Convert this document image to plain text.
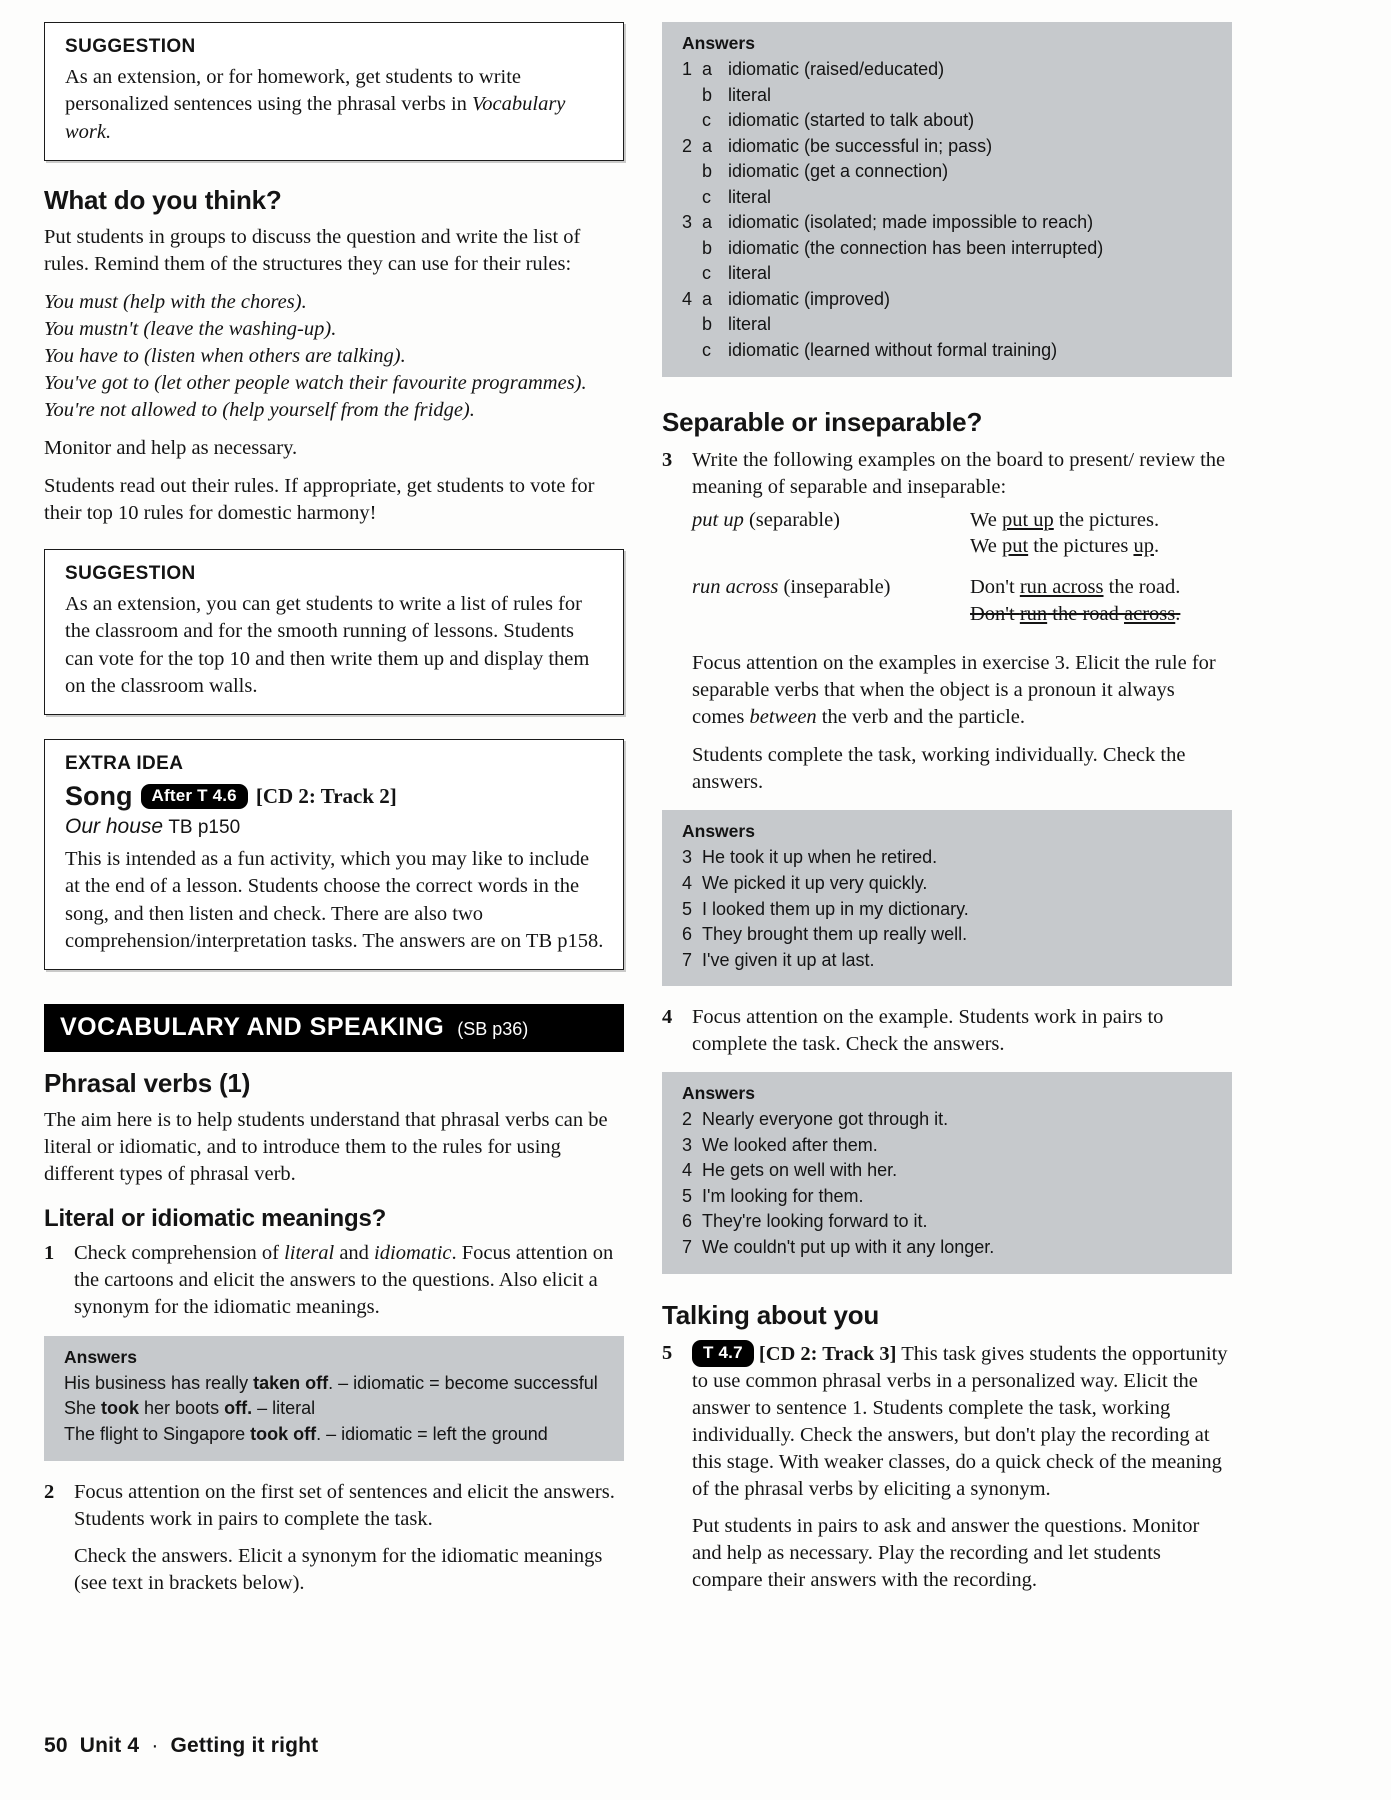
SUGGESTION

As an extension, or for homework, get students to write personalized sentences using the phrasal verbs in Vocabulary work.

What do you think?

Put students in groups to discuss the question and write the list of rules. Remind them of the structures they can use for their rules:

You must (help with the chores).
You mustn't (leave the washing-up).
You have to (listen when others are talking).
You've got to (let other people watch their favourite programmes).
You're not allowed to (help yourself from the fridge).

Monitor and help as necessary.

Students read out their rules. If appropriate, get students to vote for their top 10 rules for domestic harmony!

SUGGESTION

As an extension, you can get students to write a list of rules for the classroom and for the smooth running of lessons. Students can vote for the top 10 and then write them up and display them on the classroom walls.

EXTRA IDEA
Song	After T 4.6 [CD 2: Track 2]
Our house TB p150

This is intended as a fun activity, which you may like to include at the end of a lesson. Students choose the correct words in the song, and then listen and check. There are also two comprehension/interpretation tasks. The answers are on TB p158.

VOCABULARY AND SPEAKING (SB p36)
Phrasal verbs (1)

The aim here is to help students understand that phrasal verbs can be literal or idiomatic, and to introduce them to the rules for using different types of phrasal verb.

Literal or idiomatic meanings?
1 Check comprehension of literal and idiomatic. Focus attention on the cartoons and elicit the answers to the questions. Also elicit a synonym for the idiomatic meanings.

Answers

His business has really taken off. – idiomatic = become successful

She took her boots off. – literal

The flight to Singapore took off. – idiomatic = left the ground

2 Focus attention on the first set of sentences and elicit the answers. Students work in pairs to complete the task.

Check the answers. Elicit a synonym for the idiomatic meanings (see text in brackets below).

Answers
1 a idiomatic (raised/educated)
b literal
c idiomatic (started to talk about)
2 a idiomatic (be successful in; pass)
b idiomatic (get a connection)
c literal
3 a idiomatic (isolated; made impossible to reach)
b idiomatic (the connection has been interrupted)
c literal
4 a idiomatic (improved)
b literal
c idiomatic (learned without formal training)
Separable or inseparable?
3 Write the following examples on the board to present/ review the meaning of separable and inseparable:

put up (separable)	We put up the pictures.
We put the pictures up.
run across (inseparable)	Don't run across the road.
Don't run the road across.

Focus attention on the examples in exercise 3. Elicit the rule for separable verbs that when the object is a pronoun it always comes between the verb and the particle.

Students complete the task, working individually. Check the answers.

Answers
3 He took it up when he retired.
4 We picked it up very quickly.
5 I looked them up in my dictionary.
6 They brought them up really well.
7 I've given it up at last.
4 Focus attention on the example. Students work in pairs to complete the task. Check the answers.

Answers
2 Nearly everyone got through it.
3 We looked after them.
4 He gets on well with her.
5 I'm looking for them.
6 They're looking forward to it.
7 We couldn't put up with it any longer.
Talking about you
5	T 4.7 [CD 2: Track 3] This task gives students the opportunity to use common phrasal verbs in a personalized way. Elicit the answer to sentence 1. Students complete the task, working individually. Check the answers, but don't play the recording at this stage. With weaker classes, do a quick check of the meaning of the phrasal verbs by eliciting a synonym.

Put students in pairs to ask and answer the questions. Monitor and help as necessary. Play the recording and let students compare their answers with the recording.

50 Unit 4 · Getting it right
